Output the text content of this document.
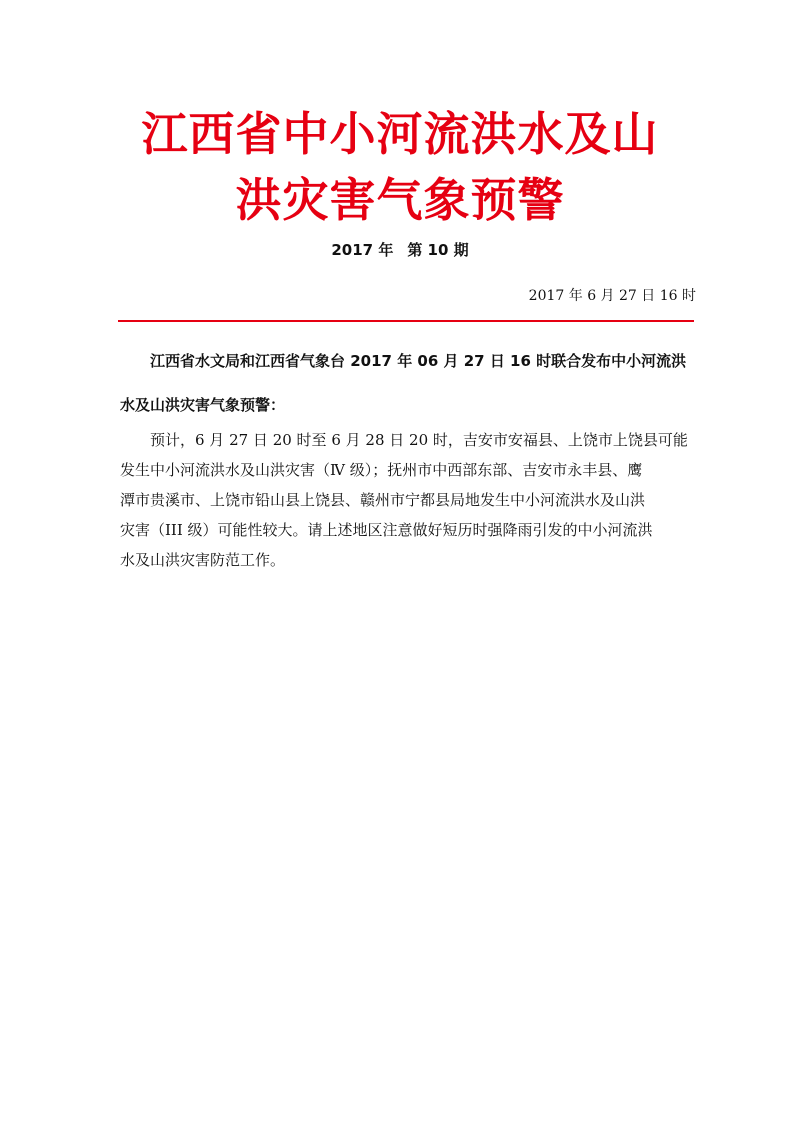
江西省中小河流洪水及山
洪灾害气象预警
2017 年 第 10 期
2017 年 6 月 27 日 16 时
江西省水文局和江西省气象台 2017 年 06 月 27 日 16 时联合发布中小河流洪
水及山洪灾害气象预警：
预计，6 月 27 日 20 时至 6 月 28 日 20 时，吉安市安福县、上饶市上饶县可能
发生中小河流洪水及山洪灾害（Ⅳ 级）；抚州市中西部东部、吉安市永丰县、鹰
潭市贵溪市、上饶市铅山县上饶县、赣州市宁都县局地发生中小河流洪水及山洪
灾害（III 级）可能性较大。请上述地区注意做好短历时强降雨引发的中小河流洪
水及山洪灾害防范工作。
